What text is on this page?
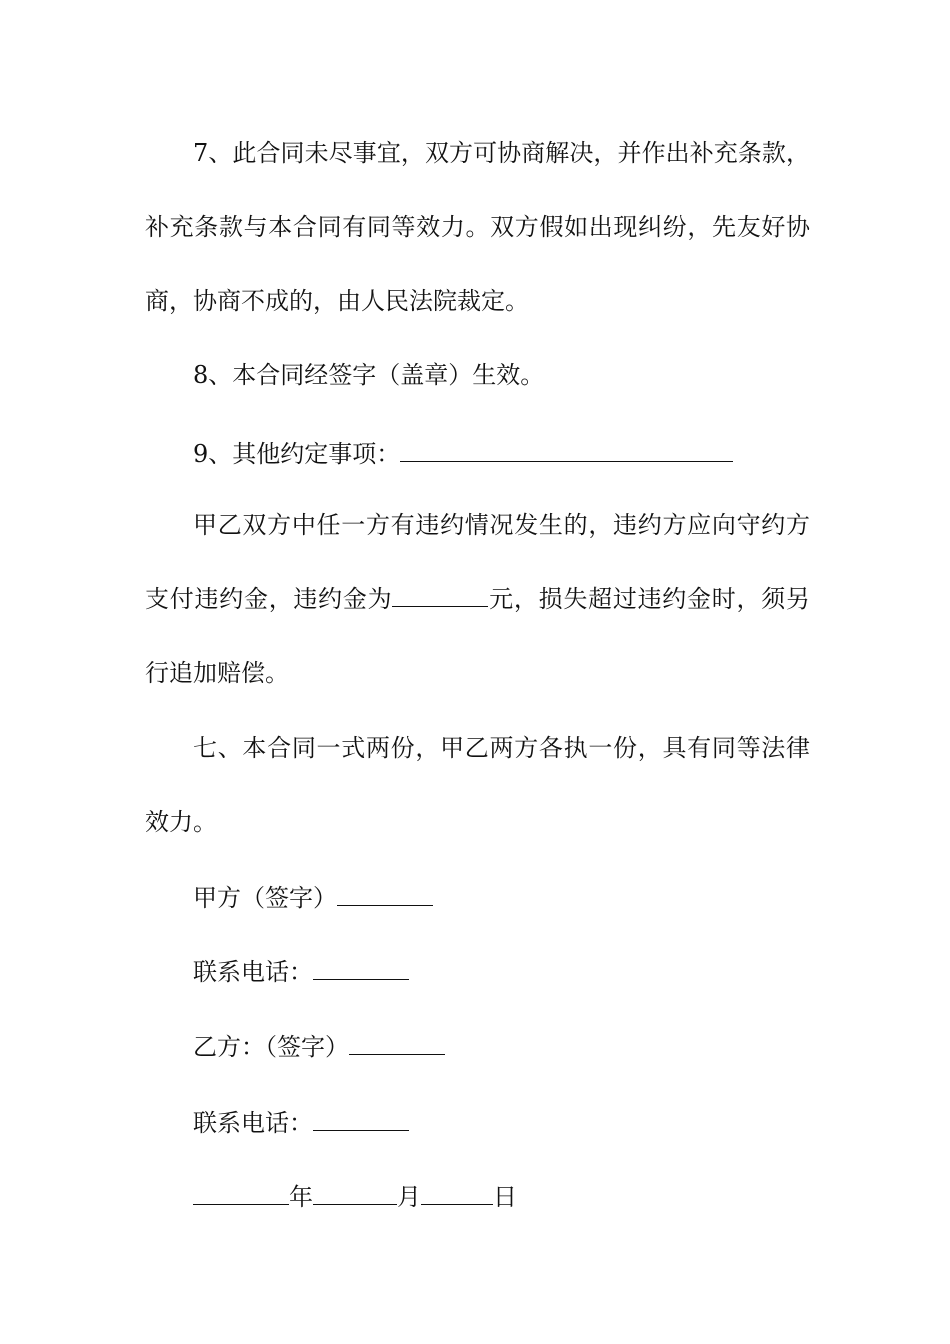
7、此合同未尽事宜，双方可协商解决，并作出补充条款，补充条款与本合同有同等效力。双方假如出现纠纷，先友好协商，协商不成的，由人民法院裁定。

8、本合同经签字（盖章）生效。

9、其他约定事项：

甲乙双方中任一方有违约情况发生的，违约方应向守约方支付违约金，违约金为	元，损失超过违约金时，须另行追加赔偿。

七、本合同一式两份，甲乙两方各执一份，具有同等法律效力。

甲方（签字）
联系电话：
乙方：（签字）
联系电话：
年	月	日
